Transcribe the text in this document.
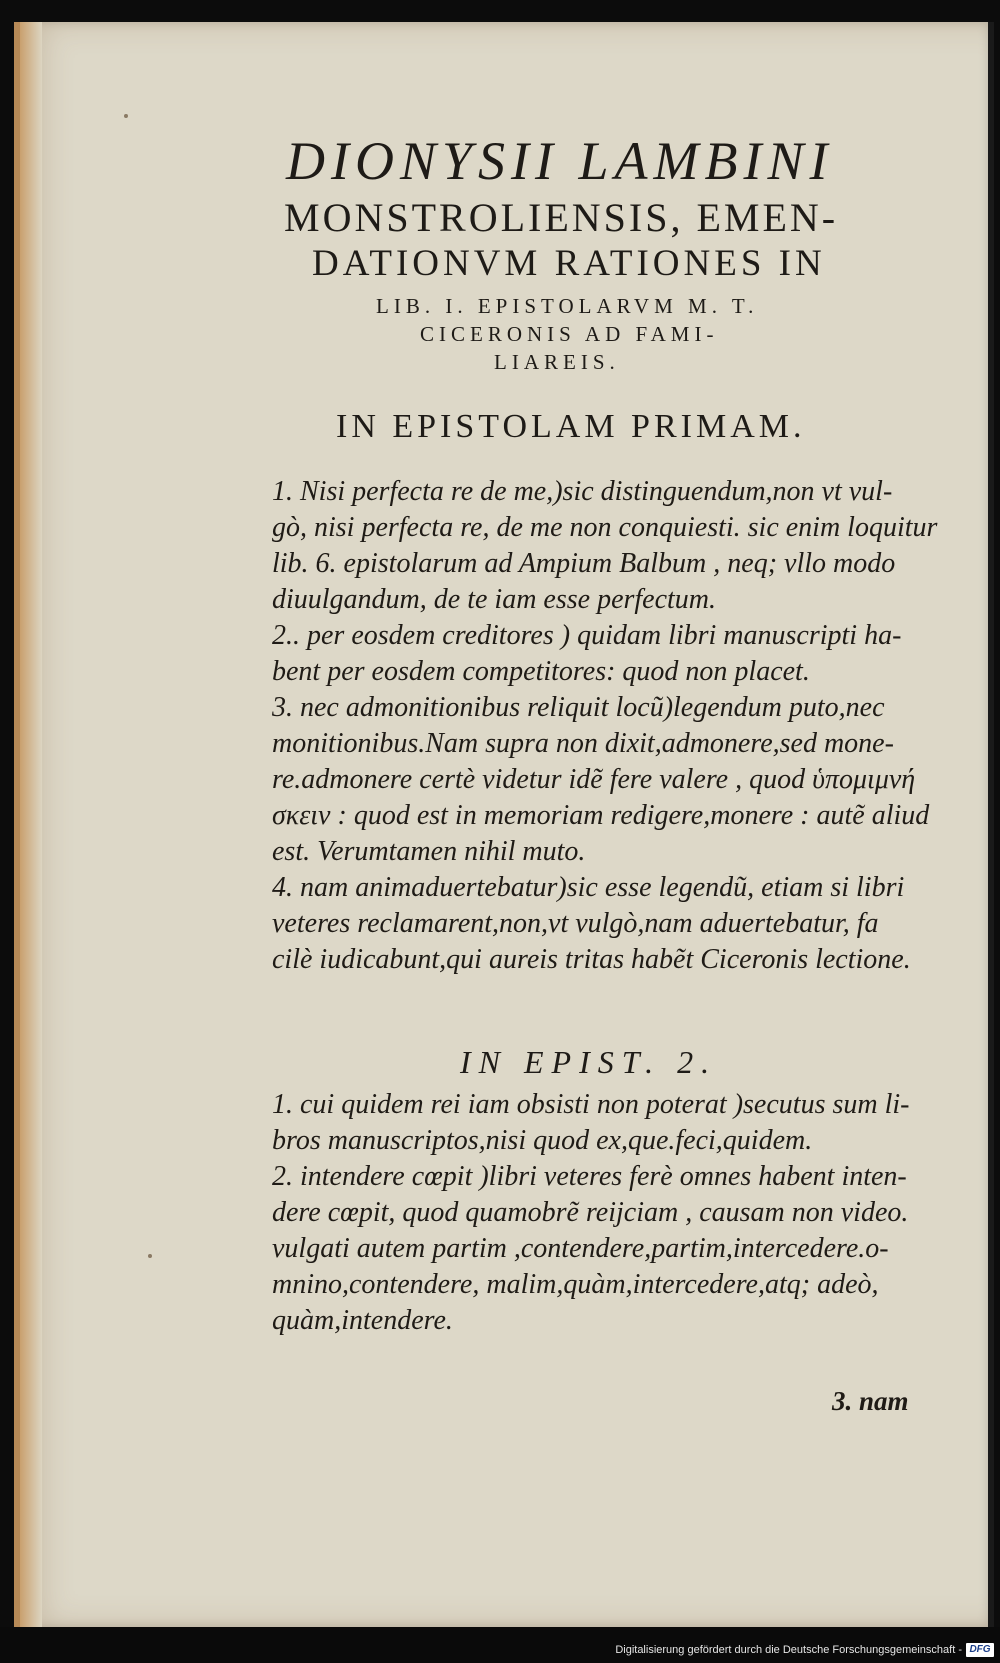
DIONYSII LAMBINI
MONSTROLIENSIS, EMEN-
DATIONVM RATIONES IN
LIB. I. EPISTOLARVM M. T.
CICERONIS AD FAMI-
LIAREIS.
IN EPISTOLAM PRIMAM.
1. Nisi perfecta re de me,)sic distinguendum,non vt vul-
gò, nisi perfecta re, de me non conquiesti. sic enim loquitur
lib. 6. epistolarum ad Ampium Balbum , neq; vllo modo
diuulgandum, de te iam esse perfectum.
2.. per eosdem creditores ) quidam libri manuscripti ha-
bent per eosdem competitores: quod non placet.
3. nec admonitionibus reliquit locũ)legendum puto,nec
monitionibus.Nam supra non dixit,admonere,sed mone-
re.admonere certè videtur idẽ fere valere , quod ὑπομιμνή
σκειν : quod est in memoriam redigere,monere : autẽ aliud
est. Verumtamen nihil muto.
4. nam animaduertebatur)sic esse legendũ, etiam si libri
veteres reclamarent,non,vt vulgò,nam aduertebatur, fa
cilè iudicabunt,qui aureis tritas habẽt Ciceronis lectione.
IN EPIST. 2.
1. cui quidem rei iam obsisti non poterat )secutus sum li-
bros manuscriptos,nisi quod ex,que.feci,quidem.
2. intendere cœpit )libri veteres ferè omnes habent inten-
dere cœpit, quod quamobrẽ reijciam , causam non video.
vulgati autem partim ,contendere,partim,intercedere.o-
mnino,contendere, malim,quàm,intercedere,atq; adeò,
quàm,intendere.
3. nam
Digitalisierung gefördert durch die Deutsche Forschungsgemeinschaft - DFG
